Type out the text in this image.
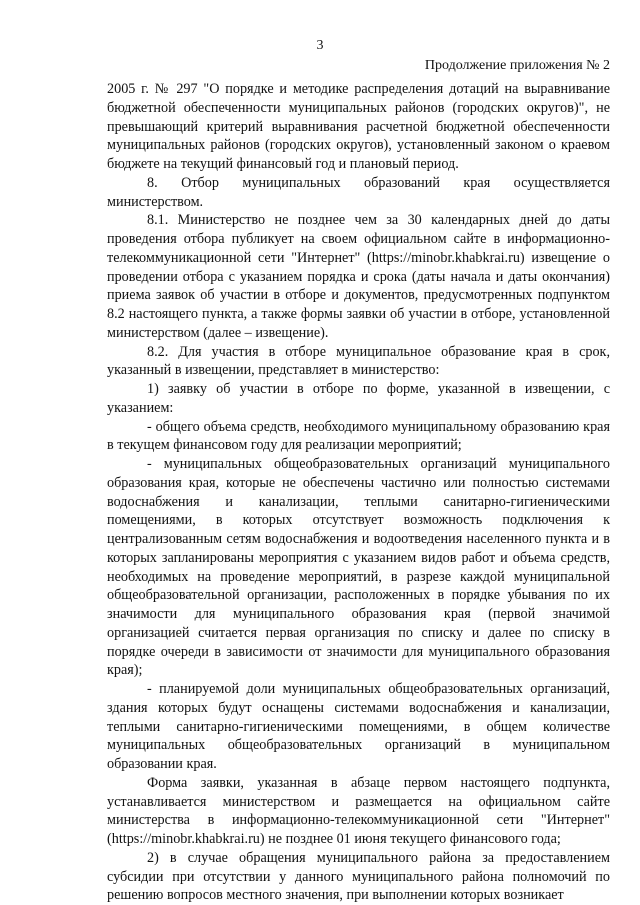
3
Продолжение приложения № 2

2005 г. № 297 "О порядке и методике распределения дотаций на выравнивание бюджетной обеспеченности муниципальных районов (городских округов)", не превышающий критерий выравнивания расчетной бюджетной обеспеченности муниципальных районов (городских округов), установленный законом о краевом бюджете на текущий финансовый год и плановый период.

8. Отбор муниципальных образований края осуществляется министерством.

8.1. Министерство не позднее чем за 30 календарных дней до даты проведения отбора публикует на своем официальном сайте в информационно-телекоммуникационной сети "Интернет" (https://minobr.khabkrai.ru) извещение о проведении отбора с указанием порядка и срока (даты начала и даты окончания) приема заявок об участии в отборе и документов, предусмотренных подпунктом 8.2 настоящего пункта, а также формы заявки об участии в отборе, установленной министерством (далее – извещение).

8.2. Для участия в отборе муниципальное образование края в срок, указанный в извещении, представляет в министерство:

1) заявку об участии в отборе по форме, указанной в извещении, с указанием:

- общего объема средств, необходимого муниципальному образованию края в текущем финансовом году для реализации мероприятий;

- муниципальных общеобразовательных организаций муниципального образования края, которые не обеспечены частично или полностью системами водоснабжения и канализации, теплыми санитарно-гигиеническими помещениями, в которых отсутствует возможность подключения к централизованным сетям водоснабжения и водоотведения населенного пункта и в которых запланированы мероприятия с указанием видов работ и объема средств, необходимых на проведение мероприятий, в разрезе каждой муниципальной общеобразовательной организации, расположенных в порядке убывания по их значимости для муниципального образования края (первой значимой организацией считается первая организация по списку и далее по списку в порядке очереди в зависимости от значимости для муниципального образования края);

- планируемой доли муниципальных общеобразовательных организаций, здания которых будут оснащены системами водоснабжения и канализации, теплыми санитарно-гигиеническими помещениями, в общем количестве муниципальных общеобразовательных организаций в муниципальном образовании края.

Форма заявки, указанная в абзаце первом настоящего подпункта, устанавливается министерством и размещается на официальном сайте министерства в информационно-телекоммуникационной сети "Интернет" (https://minobr.khabkrai.ru) не позднее 01 июня текущего финансового года;

2) в случае обращения муниципального района за предоставлением субсидии при отсутствии у данного муниципального района полномочий по решению вопросов местного значения, при выполнении которых возникает
